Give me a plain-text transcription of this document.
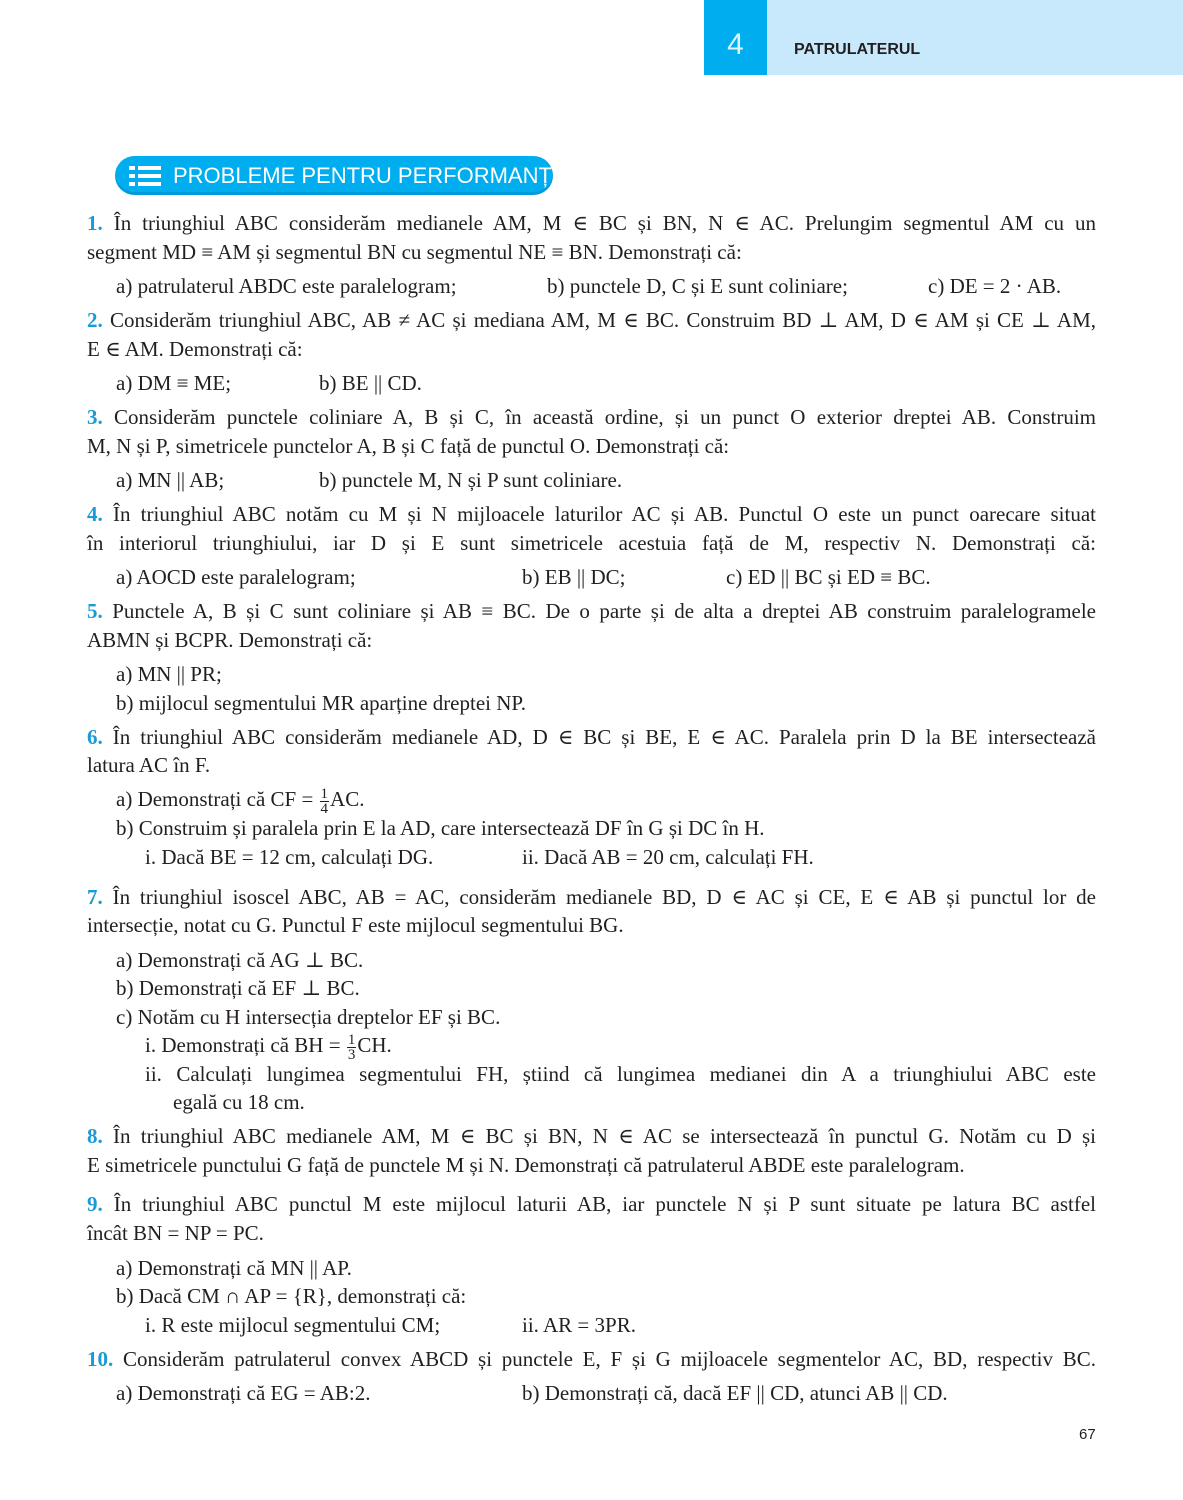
4	PATRULATERUL
PROBLEME PENTRU PERFORMANȚĂ
1. În triunghiul ABC considerăm medianele AM, M ∈ BC și BN, N ∈ AC. Prelungim segmentul AM cu un
segment MD ≡ AM și segmentul BN cu segmentul NE ≡ BN. Demonstrați că:
a) patrulaterul ABDC este paralelogram;	b) punctele D, C și E sunt coliniare;	c) DE = 2 · AB.
2. Considerăm triunghiul ABC, AB ≠ AC și mediana AM, M ∈ BC. Construim BD ⊥ AM, D ∈ AM și CE ⊥ AM,
E ∈ AM. Demonstrați că:
a) DM ≡ ME;	b) BE || CD.
3. Considerăm punctele coliniare A, B și C, în această ordine, și un punct O exterior dreptei AB. Construim
M, N și P, simetricele punctelor A, B și C față de punctul O. Demonstrați că:
a) MN || AB;	b) punctele M, N și P sunt coliniare.
4. În triunghiul ABC notăm cu M și N mijloacele laturilor AC și AB. Punctul O este un punct oarecare situat
în interiorul triunghiului, iar D și E sunt simetricele acestuia față de M, respectiv N. Demonstrați că:
a) AOCD este paralelogram;	b) EB || DC;	c) ED || BC și ED ≡ BC.
5. Punctele A, B și C sunt coliniare și AB ≡ BC. De o parte și de alta a dreptei AB construim paralelogramele
ABMN și BCPR. Demonstrați că:
a) MN || PR;
b) mijlocul segmentului MR aparține dreptei NP.
6. În triunghiul ABC considerăm medianele AD, D ∈ BC și BE, E ∈ AC. Paralela prin D la BE intersectează
latura AC în F.
a) Demonstrați că CF = $\frac{1}{4}$ AC.
b) Construim și paralela prin E la AD, care intersectează DF în G și DC în H.
i. Dacă BE = 12 cm, calculați DG.	ii. Dacă AB = 20 cm, calculați FH.
7. În triunghiul isoscel ABC, AB = AC, considerăm medianele BD, D ∈ AC și CE, E ∈ AB și punctul lor de
intersecție, notat cu G. Punctul F este mijlocul segmentului BG.
a) Demonstrați că AG ⊥ BC.
b) Demonstrați că EF ⊥ BC.
c) Notăm cu H intersecția dreptelor EF și BC.
i. Demonstrați că BH = $\frac{1}{3}$ CH.
ii. Calculați lungimea segmentului FH, știind că lungimea medianei din A a triunghiului ABC este
egală cu 18 cm.
8. În triunghiul ABC medianele AM, M ∈ BC și BN, N ∈ AC se intersectează în punctul G. Notăm cu D și
E simetricele punctului G față de punctele M și N. Demonstrați că patrulaterul ABDE este paralelogram.
9. În triunghiul ABC punctul M este mijlocul laturii AB, iar punctele N și P sunt situate pe latura BC astfel
încât BN = NP = PC.
a) Demonstrați că MN || AP.
b) Dacă CM ∩ AP = {R}, demonstrați că:
i. R este mijlocul segmentului CM;	ii. AR = 3PR.
10. Considerăm patrulaterul convex ABCD și punctele E, F și G mijloacele segmentelor AC, BD, respectiv BC.
a) Demonstrați că EG = AB:2.	b) Demonstrați că, dacă EF || CD, atunci AB || CD.
67
